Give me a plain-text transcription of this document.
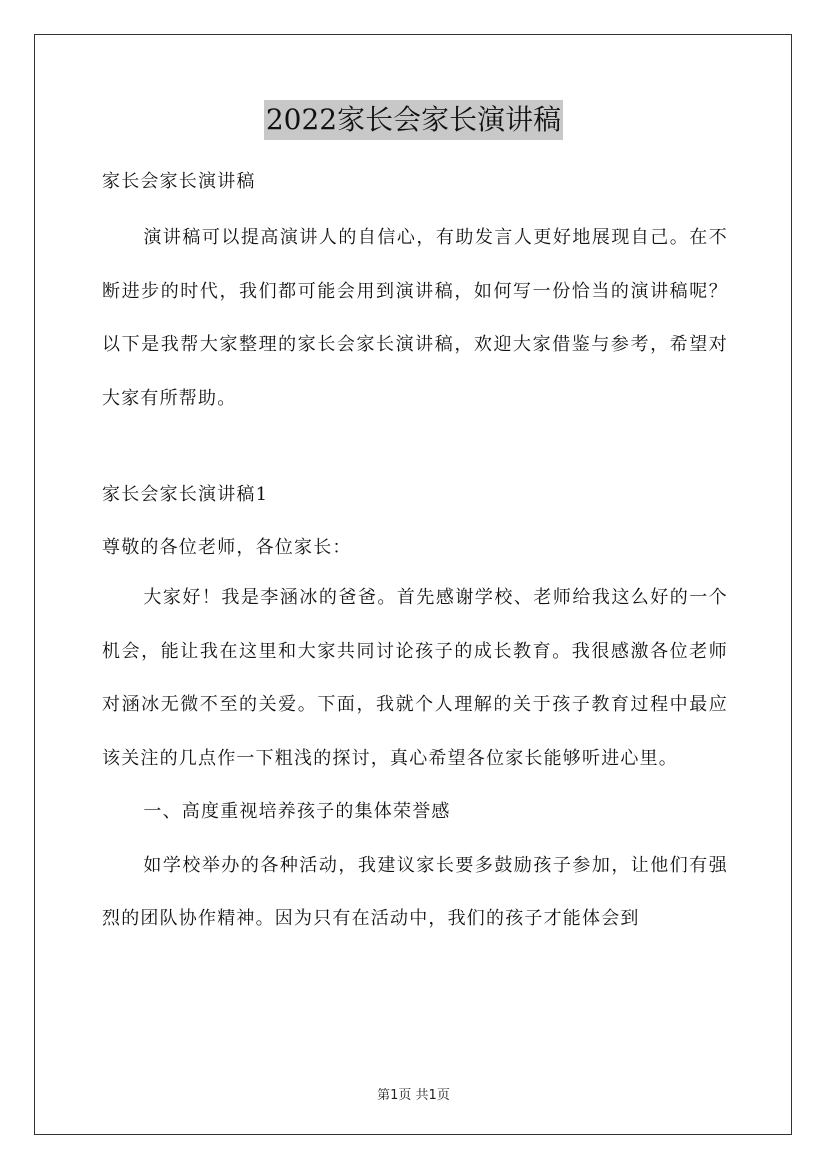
2022家长会家长演讲稿

家长会家长演讲稿

演讲稿可以提高演讲人的自信心，有助发言人更好地展现自己。在不断进步的时代，我们都可能会用到演讲稿，如何写一份恰当的演讲稿呢？以下是我帮大家整理的家长会家长演讲稿，欢迎大家借鉴与参考，希望对大家有所帮助。

家长会家长演讲稿1

尊敬的各位老师，各位家长：

大家好！我是李涵冰的爸爸。首先感谢学校、老师给我这么好的一个机会，能让我在这里和大家共同讨论孩子的成长教育。我很感激各位老师对涵冰无微不至的关爱。下面，我就个人理解的关于孩子教育过程中最应该关注的几点作一下粗浅的探讨，真心希望各位家长能够听进心里。

一、高度重视培养孩子的集体荣誉感

如学校举办的各种活动，我建议家长要多鼓励孩子参加，让他们有强烈的团队协作精神。因为只有在活动中，我们的孩子才能体会到

第1页 共1页
